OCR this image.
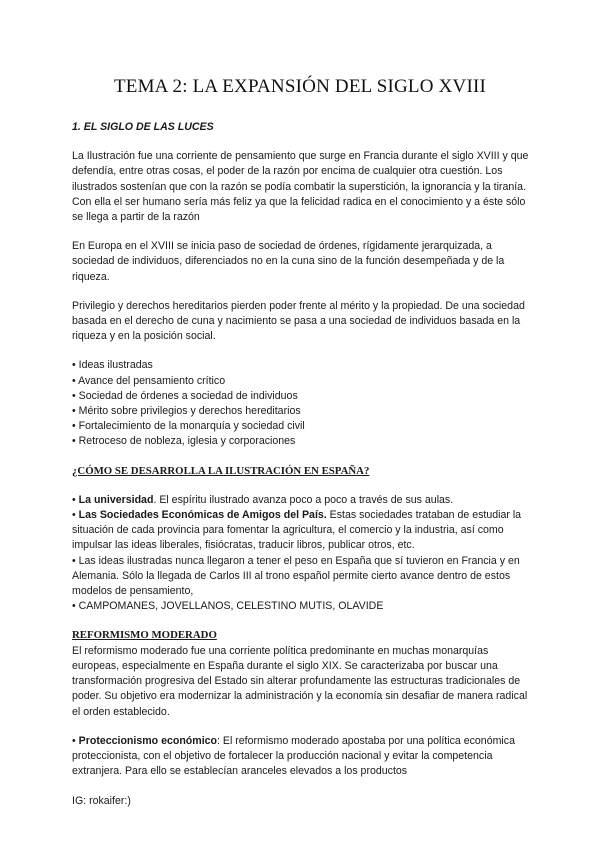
TEMA 2: LA EXPANSIÓN DEL SIGLO XVIII
1. EL SIGLO DE LAS LUCES

La Ilustración fue una corriente de pensamiento que surge en Francia durante el siglo XVIII y que defendía, entre otras cosas, el poder de la razón por encima de cualquier otra cuestión. Los ilustrados sostenían que con la razón se podía combatir la superstición, la ignorancia y la tiranía. Con ella el ser humano sería más feliz ya que la felicidad radica en el conocimiento y a éste sólo se llega a partir de la razón

En Europa en el XVIII se inicia paso de sociedad de órdenes, rígidamente jerarquizada, a sociedad de individuos, diferenciados no en la cuna sino de la función desempeñada y de la riqueza.

Privilegio y derechos hereditarios pierden poder frente al mérito y la propiedad. De una sociedad basada en el derecho de cuna y nacimiento se pasa a una sociedad de individuos basada en la riqueza y en la posición social.

• Ideas ilustradas
• Avance del pensamiento crítico
• Sociedad de órdenes a sociedad de individuos
• Mérito sobre privilegios y derechos hereditarios
• Fortalecimiento de la monarquía y sociedad civil
• Retroceso de nobleza, iglesia y corporaciones
¿CÓMO SE DESARROLLA LA ILUSTRACIÓN EN ESPAÑA?

• La universidad. El espíritu ilustrado avanza poco a poco a través de sus aulas.

• Las Sociedades Económicas de Amigos del País. Estas sociedades trataban de estudiar la situación de cada provincia para fomentar la agricultura, el comercio y la industria, así como impulsar las ideas liberales, fisiócratas, traducir libros, publicar otros, etc.

• Las ideas ilustradas nunca llegaron a tener el peso en España que sí tuvieron en Francia y en Alemania. Sólo la llegada de Carlos III al trono español permite cierto avance dentro de estos modelos de pensamiento,

• CAMPOMANES, JOVELLANOS, CELESTINO MUTIS, OLAVIDE

REFORMISMO MODERADO

El reformismo moderado fue una corriente política predominante en muchas monarquías europeas, especialmente en España durante el siglo XIX. Se caracterizaba por buscar una transformación progresiva del Estado sin alterar profundamente las estructuras tradicionales de poder. Su objetivo era modernizar la administración y la economía sin desafiar de manera radical el orden establecido.

• Proteccionismo económico: El reformismo moderado apostaba por una política económica proteccionista, con el objetivo de fortalecer la producción nacional y evitar la competencia extranjera. Para ello se establecían aranceles elevados a los productos

IG: rokaifer:)
